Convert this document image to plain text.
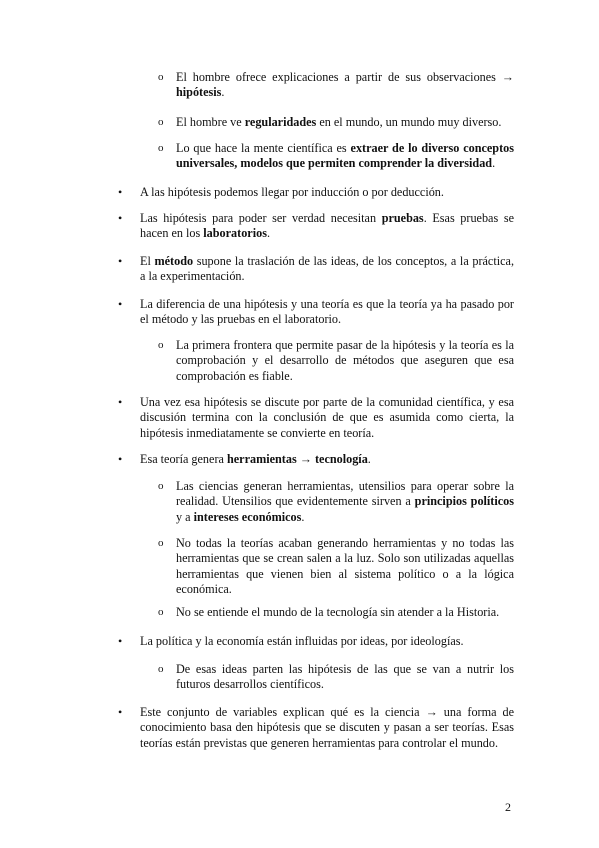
o El hombre ofrece explicaciones a partir de sus observaciones → hipótesis.
o El hombre ve regularidades en el mundo, un mundo muy diverso.
o Lo que hace la mente científica es extraer de lo diverso conceptos universales, modelos que permiten comprender la diversidad.
• A las hipótesis podemos llegar por inducción o por deducción.
• Las hipótesis para poder ser verdad necesitan pruebas. Esas pruebas se hacen en los laboratorios.
• El método supone la traslación de las ideas, de los conceptos, a la práctica, a la experimentación.
• La diferencia de una hipótesis y una teoría es que la teoría ya ha pasado por el método y las pruebas en el laboratorio.
o La primera frontera que permite pasar de la hipótesis y la teoría es la comprobación y el desarrollo de métodos que aseguren que esa comprobación es fiable.
• Una vez esa hipótesis se discute por parte de la comunidad científica, y esa discusión termina con la conclusión de que es asumida como cierta, la hipótesis inmediatamente se convierte en teoría.
• Esa teoría genera herramientas → tecnología.
o Las ciencias generan herramientas, utensilios para operar sobre la realidad. Utensilios que evidentemente sirven a principios políticos y a intereses económicos.
o No todas la teorías acaban generando herramientas y no todas las herramientas que se crean salen a la luz. Solo son utilizadas aquellas herramientas que vienen bien al sistema político o a la lógica económica.
o No se entiende el mundo de la tecnología sin atender a la Historia.
• La política y la economía están influidas por ideas, por ideologías.
o De esas ideas parten las hipótesis de las que se van a nutrir los futuros desarrollos científicos.
• Este conjunto de variables explican qué es la ciencia → una forma de conocimiento basa den hipótesis que se discuten y pasan a ser teorías. Esas teorías están previstas que generen herramientas para controlar el mundo.
2
